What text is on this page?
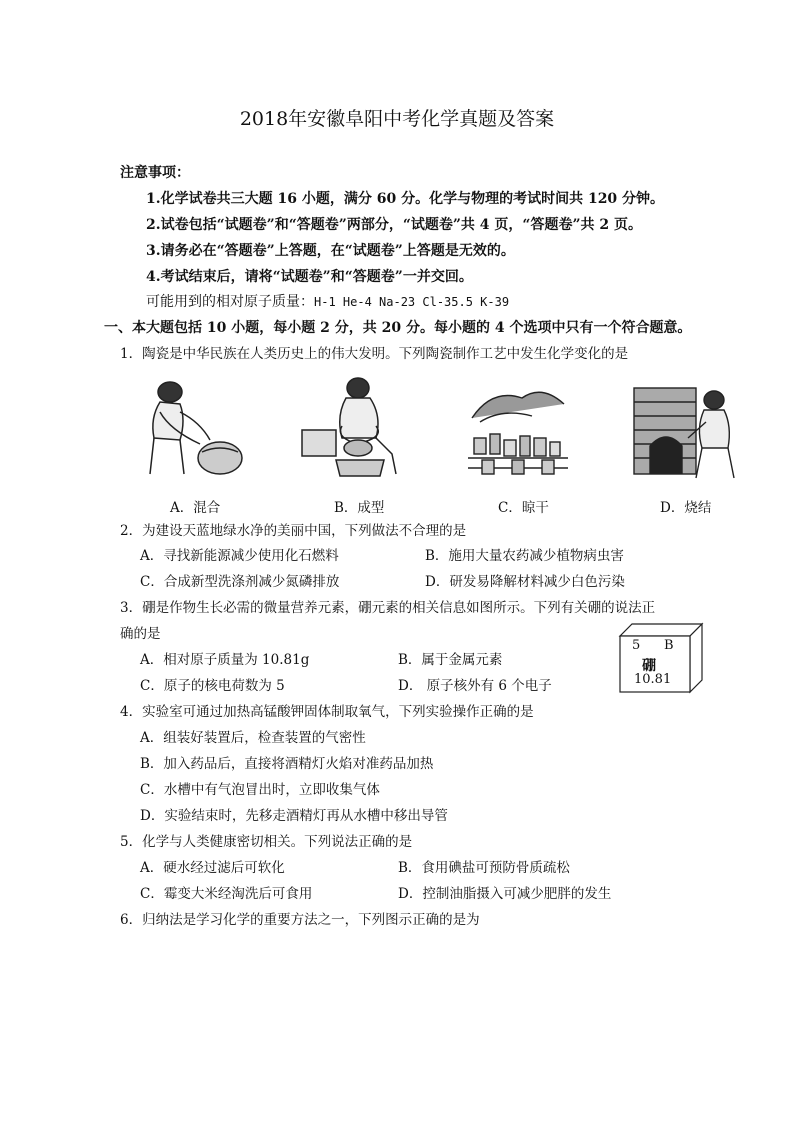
2018年安徽阜阳中考化学真题及答案
注意事项：
1.化学试卷共三大题 16 小题，满分 60 分。化学与物理的考试时间共 120 分钟。
2.试卷包括“试题卷”和“答题卷”两部分，“试题卷”共 4 页，“答题卷”共 2 页。
3.请务必在“答题卷”上答题，在“试题卷”上答题是无效的。
4.考试结束后，请将“试题卷”和“答题卷”一并交回。
可能用到的相对原子质量：H-1 He-4 Na-23 Cl-35.5 K-39
一、本大题包括 10 小题，每小题 2 分，共 20 分。每小题的 4 个选项中只有一个符合题意。
1．陶瓷是中华民族在人类历史上的伟大发明。下列陶瓷制作工艺中发生化学变化的是
A．混合	B．成型	C．晾干	D．烧结
2．为建设天蓝地绿水净的美丽中国，下列做法不合理的是
A．寻找新能源减少使用化石燃料	B．施用大量农药减少植物病虫害
C．合成新型洗涤剂减少氮磷排放	D．研发易降解材料减少白色污染
3．硼是作物生长必需的微量营养元素，硼元素的相关信息如图所示。下列有关硼的说法正
确的是
A．相对原子质量为 10.81g	B．属于金属元素
C．原子的核电荷数为 5	D． 原子核外有 6 个电子
5 B
硼
10.81
4．实验室可通过加热高锰酸钾固体制取氧气，下列实验操作正确的是
A．组装好装置后，检查装置的气密性
B．加入药品后，直接将酒精灯火焰对准药品加热
C．水槽中有气泡冒出时，立即收集气体
D．实验结束时，先移走酒精灯再从水槽中移出导管
5．化学与人类健康密切相关。下列说法正确的是
A．硬水经过滤后可软化	B．食用碘盐可预防骨质疏松
C．霉变大米经淘洗后可食用	D．控制油脂摄入可减少肥胖的发生
6．归纳法是学习化学的重要方法之一，下列图示正确的是为
